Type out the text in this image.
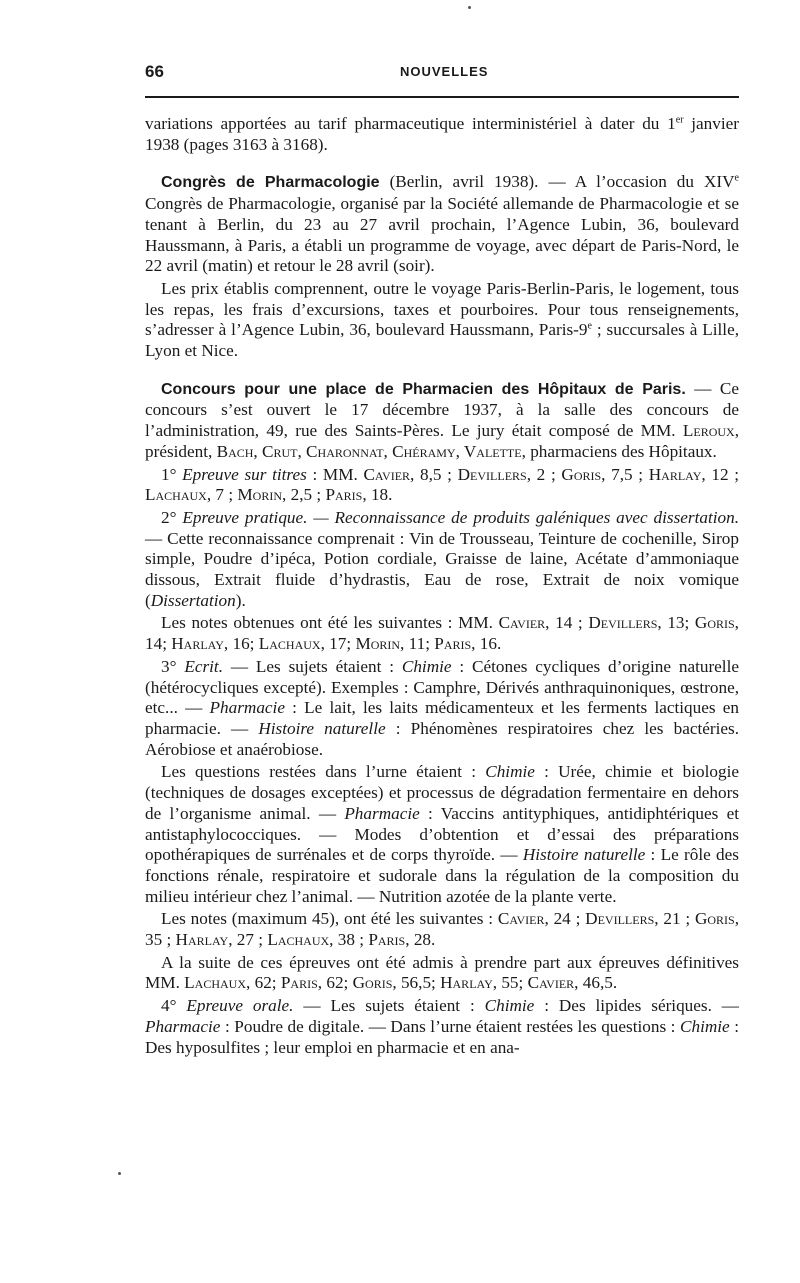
66	NOUVELLES

variations apportées au tarif pharmaceutique interministériel à dater du 1er janvier 1938 (pages 3163 à 3168).

Congrès de Pharmacologie (Berlin, avril 1938). — A l’occasion du XIVe Congrès de Pharmacologie, organisé par la Société allemande de Pharmacologie et se tenant à Berlin, du 23 au 27 avril prochain, l’Agence Lubin, 36, boulevard Haussmann, à Paris, a établi un programme de voyage, avec départ de Paris-Nord, le 22 avril (matin) et retour le 28 avril (soir).

Les prix établis comprennent, outre le voyage Paris-Berlin-Paris, le logement, tous les repas, les frais d’excursions, taxes et pourboires. Pour tous renseignements, s’adresser à l’Agence Lubin, 36, boulevard Haussmann, Paris-9e ; succursales à Lille, Lyon et Nice.

Concours pour une place de Pharmacien des Hôpitaux de Paris. — Ce concours s’est ouvert le 17 décembre 1937, à la salle des concours de l’administration, 49, rue des Saints-Pères. Le jury était composé de MM. Leroux, président, Bach, Crut, Charonnat, Chéramy, Valette, pharmaciens des Hôpitaux.

1° Epreuve sur titres : MM. Cavier, 8,5 ; Devillers, 2 ; Goris, 7,5 ; Harlay, 12 ; Lachaux, 7 ; Morin, 2,5 ; Paris, 18.

2° Epreuve pratique. — Reconnaissance de produits galéniques avec dissertation. — Cette reconnaissance comprenait : Vin de Trousseau, Teinture de cochenille, Sirop simple, Poudre d’ipéca, Potion cordiale, Graisse de laine, Acétate d’ammoniaque dissous, Extrait fluide d’hydrastis, Eau de rose, Extrait de noix vomique (Dissertation).

Les notes obtenues ont été les suivantes : MM. Cavier, 14 ; Devillers, 13; Goris, 14; Harlay, 16; Lachaux, 17; Morin, 11; Paris, 16.

3° Ecrit. — Les sujets étaient : Chimie : Cétones cycliques d’origine naturelle (hétérocycliques excepté). Exemples : Camphre, Dérivés anthraquinoniques, œstrone, etc... — Pharmacie : Le lait, les laits médicamenteux et les ferments lactiques en pharmacie. — Histoire naturelle : Phénomènes respiratoires chez les bactéries. Aérobiose et anaérobiose.

Les questions restées dans l’urne étaient : Chimie : Urée, chimie et biologie (techniques de dosages exceptées) et processus de dégradation fermentaire en dehors de l’organisme animal. — Pharmacie : Vaccins antityphiques, antidiphtériques et antistaphylococciques. — Modes d’obtention et d’essai des préparations opothérapiques de surrénales et de corps thyroïde. — Histoire naturelle : Le rôle des fonctions rénale, respiratoire et sudorale dans la régulation de la composition du milieu intérieur chez l’animal. — Nutrition azotée de la plante verte.

Les notes (maximum 45), ont été les suivantes : Cavier, 24 ; Devillers, 21 ; Goris, 35 ; Harlay, 27 ; Lachaux, 38 ; Paris, 28.

A la suite de ces épreuves ont été admis à prendre part aux épreuves définitives MM. Lachaux, 62; Paris, 62; Goris, 56,5; Harlay, 55; Cavier, 46,5.

4° Epreuve orale. — Les sujets étaient : Chimie : Des lipides sériques. — Pharmacie : Poudre de digitale. — Dans l’urne étaient restées les questions : Chimie : Des hyposulfites ; leur emploi en pharmacie et en ana-
